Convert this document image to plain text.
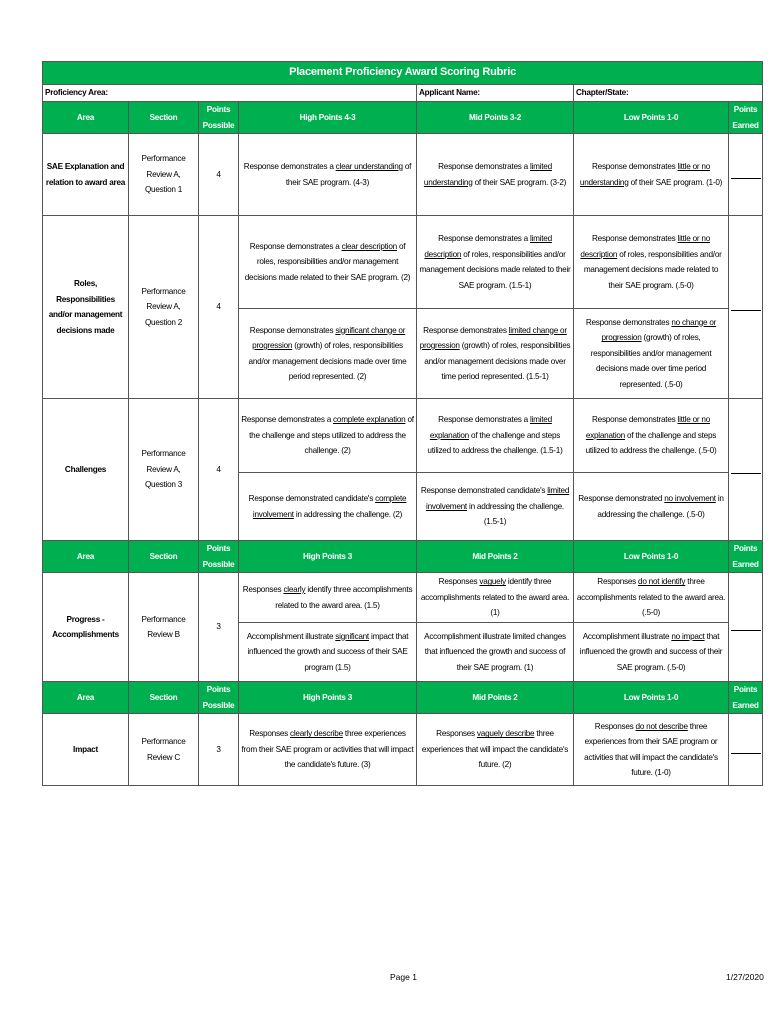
Placement Proficiency Award Scoring Rubric						
Proficiency Area:				Applicant Name:	Chapter/State:	
Area	Section	Points Possible	High Points 4-3	Mid Points 3-2	Low Points 1-0	Points Earned
SAE Explanation and relation to award area	Performance Review A, Question 1	4	Response demonstrates a clear understanding of their SAE program. (4-3)	Response demonstrates a limited understanding of their SAE program. (3-2)	Response demonstrates little or no understanding of their SAE program. (1-0)	
Roles, Responsibilities and/or management decisions made	Performance Review A, Question 2	4	Response demonstrates a clear description of roles, responsibilities and/or management decisions made related to their SAE program. (2)	Response demonstrates a limited description of roles, responsibilities and/or management decisions made related to their SAE program. (1.5-1)	Response demonstrates little or no description of roles, responsibilities and/or management decisions made related to their SAE program. (.5-0)	
			Response demonstrates significant change or progression (growth) of roles, responsibilities and/or management decisions made over time period represented. (2)	Response demonstrates limited change or progression (growth) of roles, responsibilities and/or management decisions made over time period represented. (1.5-1)	Response demonstrates no change or progression (growth) of roles, responsibilities and/or management decisions made over time period represented. (.5-0)	
Challenges	Performance Review A, Question 3	4	Response demonstrates a complete explanation of the challenge and steps utilized to address the challenge. (2)	Response demonstrates a limited explanation of the challenge and steps utilized to address the challenge. (1.5-1)	Response demonstrates little or no explanation of the challenge and steps utilized to address the challenge. (.5-0)	
			Response demonstrated candidate's complete involvement in addressing the challenge. (2)	Response demonstrated candidate's limited involvement in addressing the challenge. (1.5-1)	Response demonstrated no involvement in addressing the challenge. (.5-0)	
Area	Section	Points Possible	High Points 3	Mid Points 2	Low Points 1-0	Points Earned
Progress - Accomplishments	Performance Review B	3	Responses clearly identify three accomplishments related to the award area. (1.5)	Responses vaguely identify three accomplishments related to the award area. (1)	Responses do not identify three accomplishments related to the award area. (.5-0)	
			Accomplishment illustrate significant impact that influenced the growth and success of their SAE program (1.5)	Accomplishment illustrate limited changes that influenced the growth and success of their SAE program. (1)	Accomplishment illustrate no impact that influenced the growth and success of their SAE program. (.5-0)	
Area	Section	Points Possible	High Points 3	Mid Points 2	Low Points 1-0	Points Earned
Impact	Performance Review C	3	Responses clearly describe three experiences from their SAE program or activities that will impact the candidate's future. (3)	Responses vaguely describe three experiences that will impact the candidate's future. (2)	Responses do not describe three experiences from their SAE program or activities that will impact the candidate's future. (1-0)	
Page 1	1/27/2020
